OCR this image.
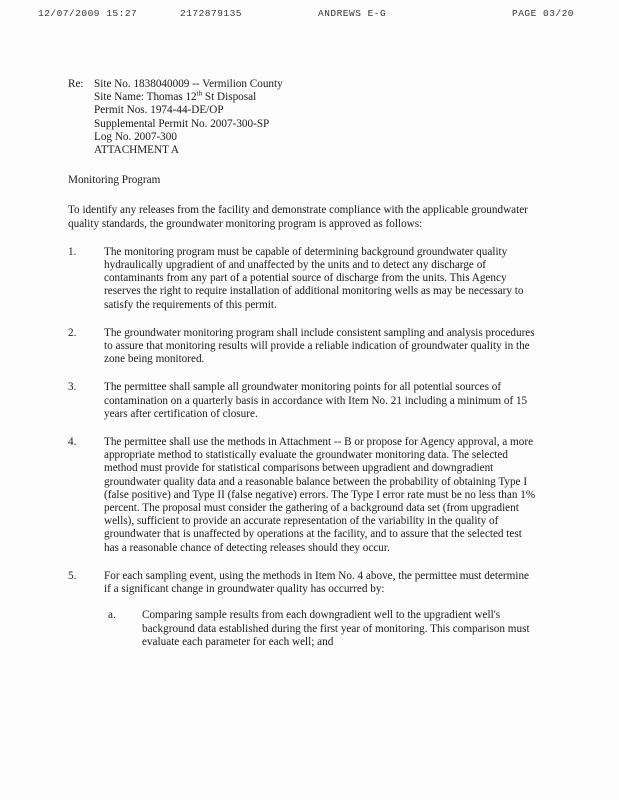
12/07/2009 15:27	2172879135	ANDREWS E-G	PAGE 03/20
Re: Site No. 1838040009 -- Vermilion County
Site Name: Thomas 12th St Disposal
Permit Nos. 1974-44-DE/OP
Supplemental Permit No. 2007-300-SP
Log No. 2007-300
ATTACHMENT A
Monitoring Program
To identify any releases from the facility and demonstrate compliance with the applicable groundwater quality standards, the groundwater monitoring program is approved as follows:
1.	The monitoring program must be capable of determining background groundwater quality hydraulically upgradient of and unaffected by the units and to detect any discharge of contaminants from any part of a potential source of discharge from the units. This Agency reserves the right to require installation of additional monitoring wells as may be necessary to satisfy the requirements of this permit.
2.	The groundwater monitoring program shall include consistent sampling and analysis procedures to assure that monitoring results will provide a reliable indication of groundwater quality in the zone being monitored.
3.	The permittee shall sample all groundwater monitoring points for all potential sources of contamination on a quarterly basis in accordance with Item No. 21 including a minimum of 15 years after certification of closure.
4.	The permittee shall use the methods in Attachment -- B or propose for Agency approval, a more appropriate method to statistically evaluate the groundwater monitoring data. The selected method must provide for statistical comparisons between upgradient and downgradient groundwater quality data and a reasonable balance between the probability of obtaining Type I (false positive) and Type II (false negative) errors. The Type I error rate must be no less than 1% percent. The proposal must consider the gathering of a background data set (from upgradient wells), sufficient to provide an accurate representation of the variability in the quality of groundwater that is unaffected by operations at the facility, and to assure that the selected test has a reasonable chance of detecting releases should they occur.
5.	For each sampling event, using the methods in Item No. 4 above, the permittee must determine if a significant change in groundwater quality has occurred by:
a.	Comparing sample results from each downgradient well to the upgradient well's background data established during the first year of monitoring. This comparison must evaluate each parameter for each well; and
